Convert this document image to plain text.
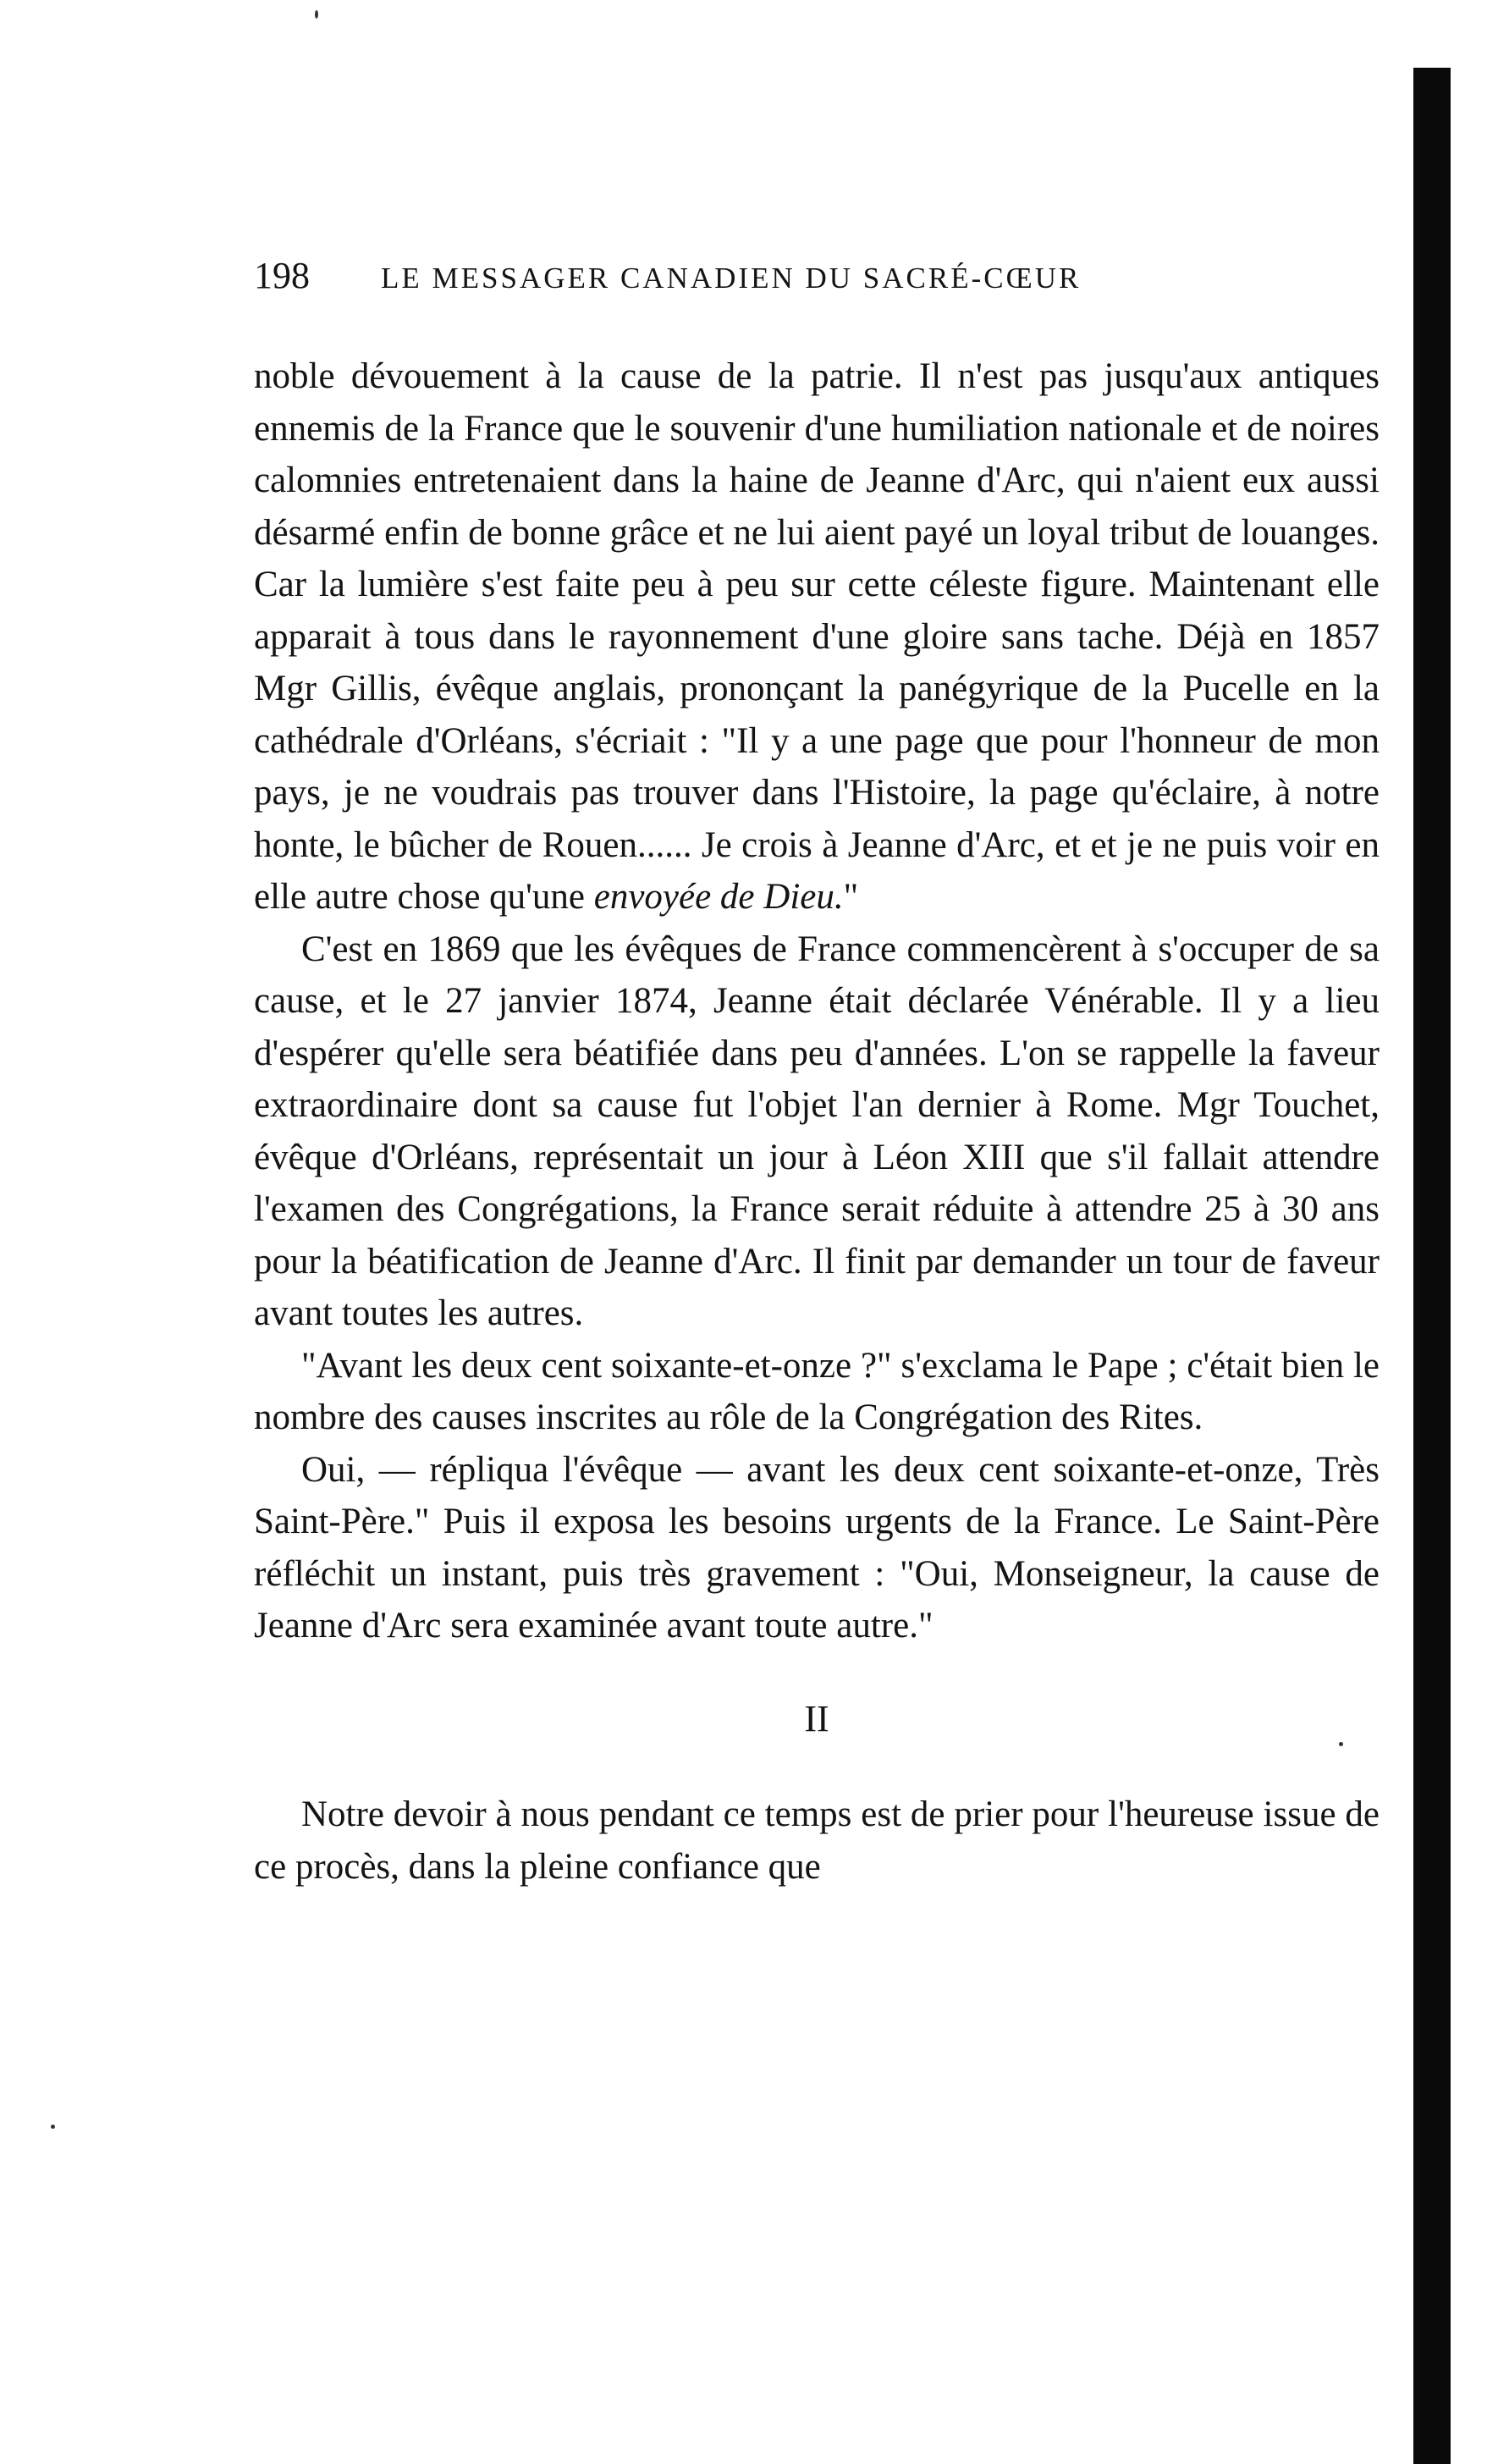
198	LE MESSAGER CANADIEN DU SACRÉ-CŒUR

noble dévouement à la cause de la patrie. Il n'est pas jusqu'aux antiques ennemis de la France que le souvenir d'une humiliation nationale et de noires calomnies entretenaient dans la haine de Jeanne d'Arc, qui n'aient eux aussi désarmé enfin de bonne grâce et ne lui aient payé un loyal tribut de louanges. Car la lumière s'est faite peu à peu sur cette céleste figure. Maintenant elle apparait à tous dans le rayonnement d'une gloire sans tache. Déjà en 1857 Mgr Gillis, évêque anglais, prononçant la panégyrique de la Pucelle en la cathédrale d'Orléans, s'écriait : "Il y a une page que pour l'honneur de mon pays, je ne voudrais pas trouver dans l'Histoire, la page qu'éclaire, à notre honte, le bûcher de Rouen...... Je crois à Jeanne d'Arc, et et je ne puis voir en elle autre chose qu'une envoyée de Dieu."

C'est en 1869 que les évêques de France commencèrent à s'occuper de sa cause, et le 27 janvier 1874, Jeanne était déclarée Vénérable. Il y a lieu d'espérer qu'elle sera béatifiée dans peu d'années. L'on se rappelle la faveur extraordinaire dont sa cause fut l'objet l'an dernier à Rome. Mgr Touchet, évêque d'Orléans, représentait un jour à Léon XIII que s'il fallait attendre l'examen des Congrégations, la France serait réduite à attendre 25 à 30 ans pour la béatification de Jeanne d'Arc. Il finit par demander un tour de faveur avant toutes les autres.

"Avant les deux cent soixante-et-onze ?" s'exclama le Pape ; c'était bien le nombre des causes inscrites au rôle de la Congrégation des Rites.

Oui, — répliqua l'évêque — avant les deux cent soixante-et-onze, Très Saint-Père." Puis il exposa les besoins urgents de la France. Le Saint-Père réfléchit un instant, puis très gravement : "Oui, Monseigneur, la cause de Jeanne d'Arc sera examinée avant toute autre."

II

Notre devoir à nous pendant ce temps est de prier pour l'heureuse issue de ce procès, dans la pleine confiance que
